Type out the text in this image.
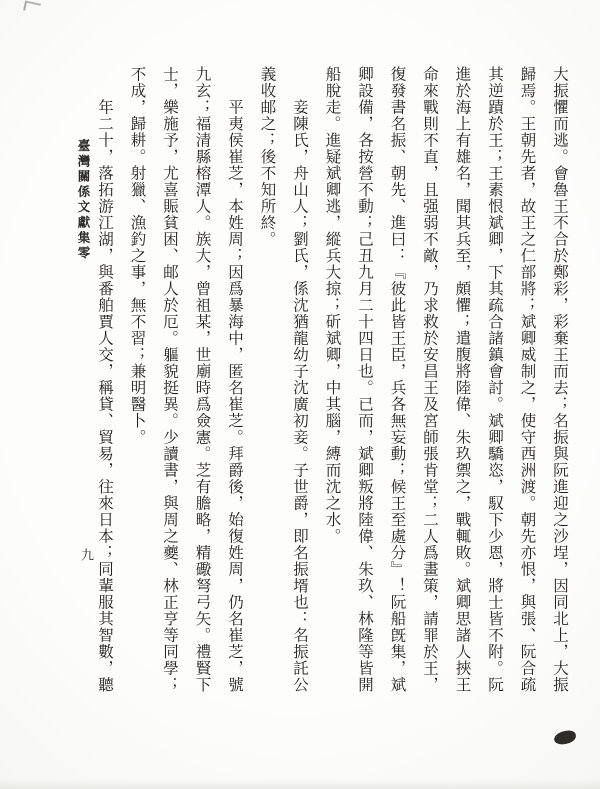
大振懼而逃。會魯王不合於鄭彩，彩棄王而去；名振與阮進迎之沙埕，因同北上，大振歸焉。王朝先者，故王之仁部將；斌卿威制之，使守西洲渡。朝先亦恨，與張、阮合疏其逆蹟於王；王素恨斌卿，下其疏合諸鎮會討。斌卿驕恣，馭下少恩，將士皆不附。阮進於海上有雄名，聞其兵至，頗懼；遣腹將陸偉、朱玖禦之，戰輒敗。斌卿思諸人挾王命來戰則不直，且强弱不敵，乃求救於安昌王及宮師張肯堂；二人爲畫策，請罪於王，復發書名振、朝先、進曰：『彼此皆王臣，兵各無妄動；候王至處分』！阮船旣集，斌卿設備，各按營不動；己丑九月二十四日也。已而，斌卿叛將陸偉、朱玖、林隆等皆開船脫走。進疑斌卿逃，縱兵大掠；斫斌卿，中其腦，縛而沈之水。

妾陳氏，舟山人；劉氏，係沈猶龍幼子沈廣初妾。子世爵，即名振壻也：名振託公義收邮之；後不知所終。

平夷侯崔芝，本姓周；因爲暴海中，匿名崔芝。拜爵後，始復姓周，仍名崔芝，號九玄；福清縣榕潭人。族大，曾祖某，世廟時爲僉憲。芝有膽略，精礮弩弓矢。禮賢下士，樂施予，尤喜賑貧困、邮人於厄。軀貌挺異。少讀書，與周之夔、林正亨等同學；不成，歸耕。射獵、漁釣之事，無不習；兼明醫卜。

年二十，落拓游江湖，與番舶賈人交，稱貸、貿易，往來日本；同輩服其智數，聽

臺灣關係文獻集零
九
